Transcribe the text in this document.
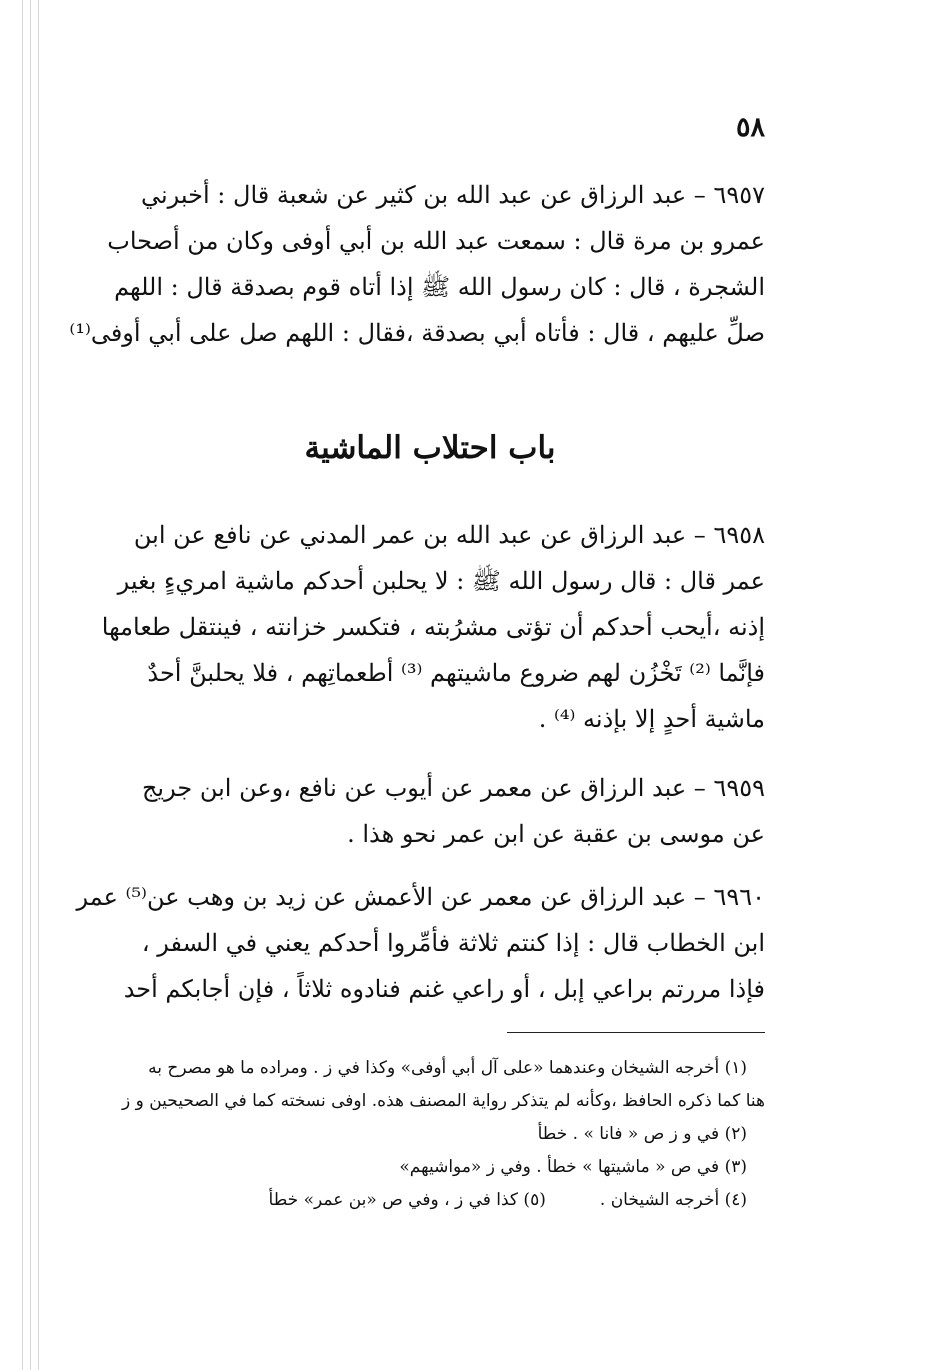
٥٨
٦٩٥٧ – عبد الرزاق عن عبد الله بن كثير عن شعبة قال : أخبرني
عمرو بن مرة قال : سمعت عبد الله بن أبي أوفى وكان من أصحاب
الشجرة ، قال : كان رسول الله ﷺ إذا أتاه قوم بصدقة قال : اللهم
صلِّ عليهم ، قال : فأتاه أبي بصدقة ،فقال : اللهم صل على أبي أوفى⁽¹⁾
باب احتلاب الماشية
٦٩٥٨ – عبد الرزاق عن عبد الله بن عمر المدني عن نافع عن ابن
عمر قال : قال رسول الله ﷺ : لا يحلبن أحدكم ماشية امريءٍ بغير
إذنه ،أيحب أحدكم أن تؤتى مشرُبته ، فتكسر خزانته ، فينتقل طعامها
فإنَّما ⁽²⁾ تَخْزُن لهم ضروع ماشيتهم ⁽³⁾ أطعماتِهم ، فلا يحلبنَّ أحدٌ
ماشية أحدٍ إلا بإذنه ⁽⁴⁾ .
٦٩٥٩ – عبد الرزاق عن معمر عن أيوب عن نافع ،وعن ابن جريج
عن موسى بن عقبة عن ابن عمر نحو هذا .
٦٩٦٠ – عبد الرزاق عن معمر عن الأعمش عن زيد بن وهب عن⁽⁵⁾ عمر
ابن الخطاب قال : إذا كنتم ثلاثة فأمِّروا أحدكم يعني في السفر ،
فإذا مررتم براعي إبل ، أو راعي غنم فنادوه ثلاثاً ، فإن أجابكم أحد
(١) أخرجه الشيخان وعندهما «على آل أبي أوفى» وكذا في ز . ومراده ما هو مصرح به
هنا كما ذكره الحافظ ،وكأنه لم يتذكر رواية المصنف هذه. اوفى نسخته كما في الصحيحين و ز
(٢) في و ز ص « فانا » . خطأ
(٣) في ص « ماشيتها » خطأ . وفي ز «مواشيهم»
(٤) أخرجه الشيخان .          (٥) كذا في ز ، وفي ص «بن عمر» خطأ
